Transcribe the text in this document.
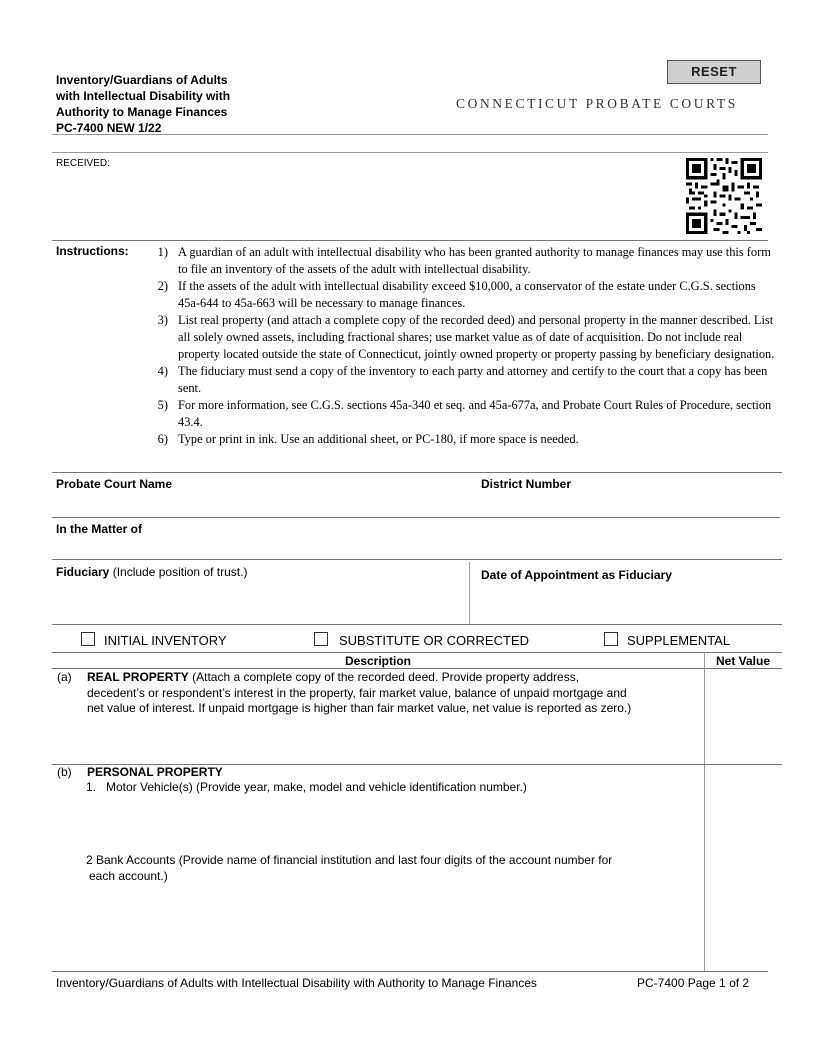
Inventory/Guardians of Adults
with Intellectual Disability with
Authority to Manage Finances
PC-7400 NEW 1/22
RESET
CONNECTICUT PROBATE COURTS
RECEIVED:
Instructions:	1) A guardian of an adult with intellectual disability who has been granted authority to manage finances may use this form to file an inventory of the assets of the adult with intellectual disability.
2) If the assets of the adult with intellectual disability exceed $10,000, a conservator of the estate under C.G.S. sections 45a-644 to 45a-663 will be necessary to manage finances.
3) List real property (and attach a complete copy of the recorded deed) and personal property in the manner described. List all solely owned assets, including fractional shares; use market value as of date of acquisition. Do not include real property located outside the state of Connecticut, jointly owned property or property passing by beneficiary designation.
4) The fiduciary must send a copy of the inventory to each party and attorney and certify to the court that a copy has been sent.
5) For more information, see C.G.S. sections 45a-340 et seq. and 45a-677a, and Probate Court Rules of Procedure, section 43.4.
6) Type or print in ink. Use an additional sheet, or PC-180, if more space is needed.
Probate Court Name	District Number
In the Matter of
Fiduciary (Include position of trust.)	Date of Appointment as Fiduciary
INITIAL INVENTORY	SUBSTITUTE OR CORRECTED	SUPPLEMENTAL
Description	Net Value
(a) REAL PROPERTY (Attach a complete copy of the recorded deed. Provide property address,
decedent’s or respondent’s interest in the property, fair market value, balance of unpaid mortgage and
net value of interest. If unpaid mortgage is higher than fair market value, net value is reported as zero.)
(b) PERSONAL PROPERTY
1.   Motor Vehicle(s) (Provide year, make, model and vehicle identification number.)
2 Bank Accounts (Provide name of financial institution and last four digits of the account number for
each account.)
Inventory/Guardians of Adults with Intellectual Disability with Authority to Manage Finances	PC-7400 Page 1 of 2
